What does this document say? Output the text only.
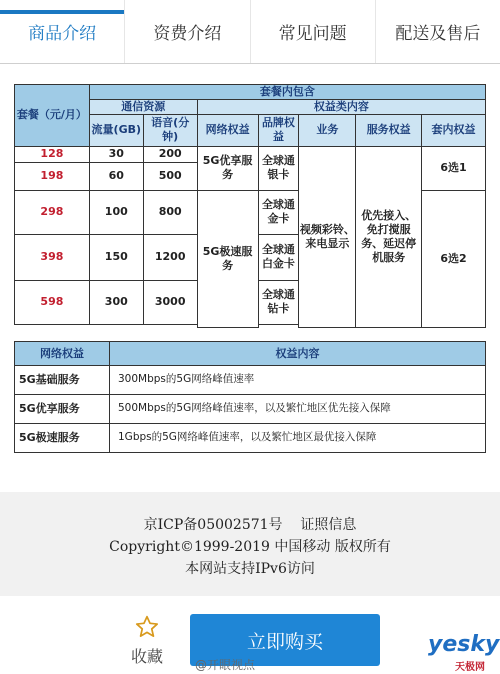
商品介绍	资费介绍	常见问题	配送及售后
套餐（元/月）	套餐内包含						
	通信资源		权益类内容				
	流量(GB)	语音(分钟)	网络权益	品牌权益	业务	服务权益	套内权益
128	30	200	5G优享服务	全球通银卡	视频彩铃、来电显示	优先接入、免打搅服务、延迟停机服务	6选1
198	60	500					
298	100	800	5G极速服务	全球通金卡			6选2
398	150	1200		全球通白金卡			
598	300	3000		全球通钻卡			

网络权益	权益内容
5G基础服务	300Mbps的5G网络峰值速率
5G优享服务	500Mbps的5G网络峰值速率，以及繁忙地区优先接入保障
5G极速服务	1Gbps的5G网络峰值速率，以及繁忙地区最优接入保障
京ICP备05002571号    证照信息
Copyright©1999-2019 中国移动 版权所有
本网站支持IPv6访问
收藏
立即购买
@开眼视点
yesky
天极网
